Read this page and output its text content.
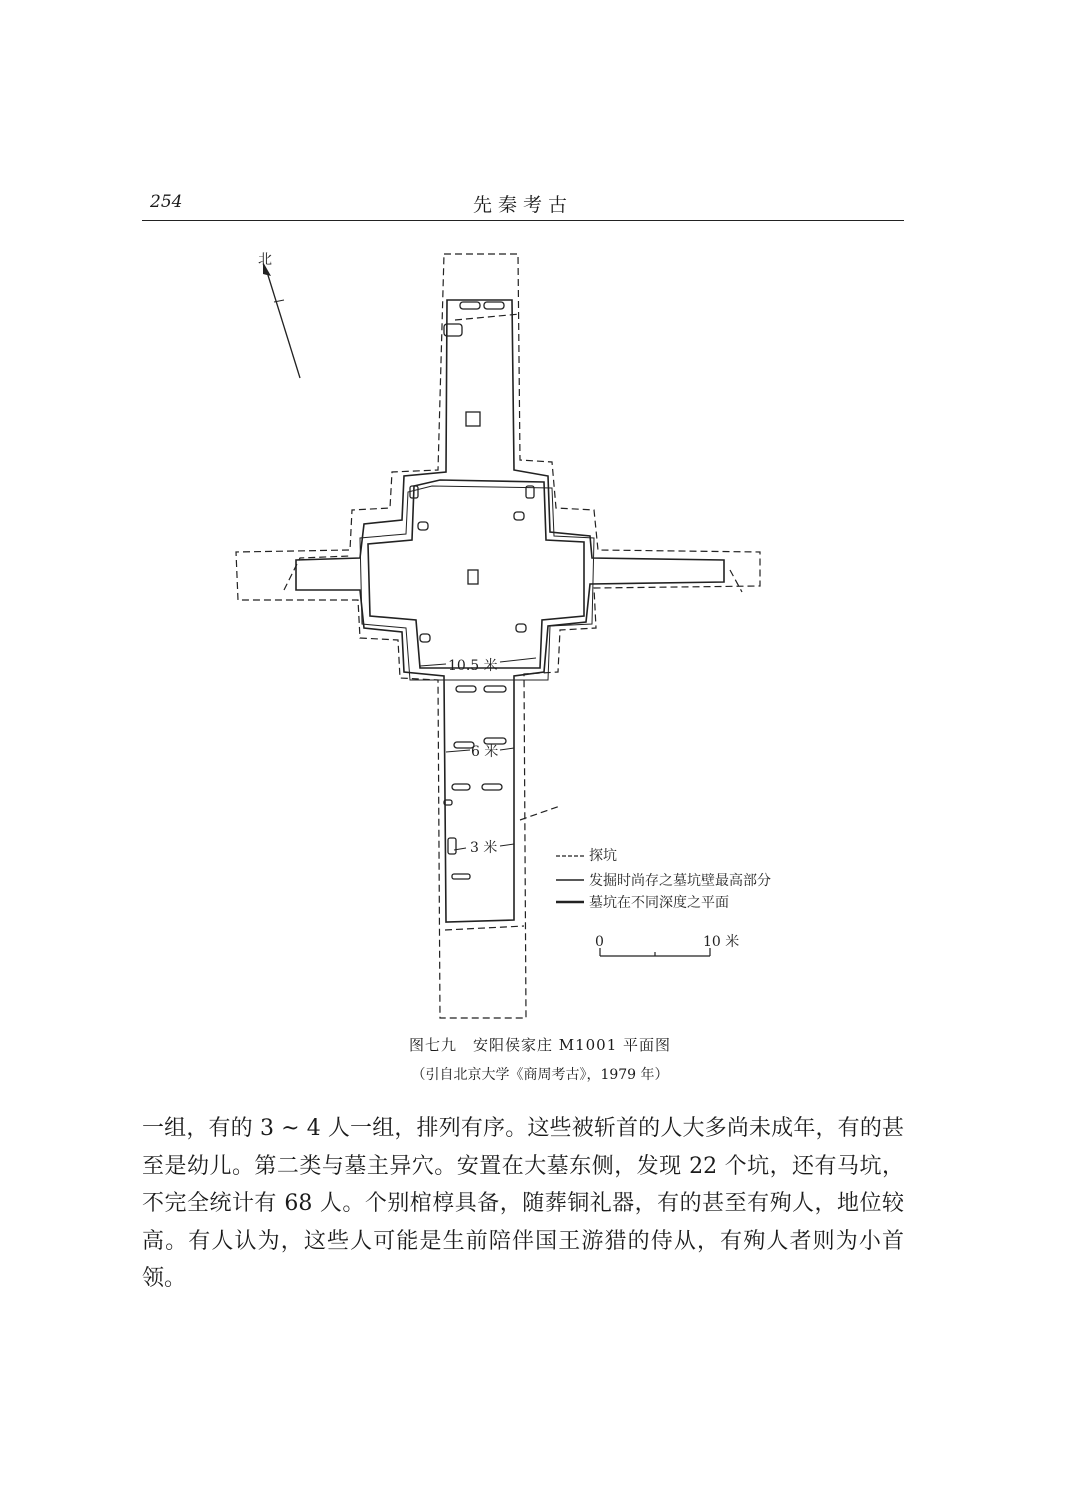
254	先秦考古
北
10.5 米
6 米
3 米	探坑
发掘时尚存之墓坑壁最高部分
墓坑在不同深度之平面
0	10 米
图七九　安阳侯家庄 M1001 平面图
（引自北京大学《商周考古》，1979 年）

一组，有的 3 ~ 4 人一组，排列有序。这些被斩首的人大多尚未成年，有的甚至是幼儿。第二类与墓主异穴。安置在大墓东侧，发现 22 个坑，还有马坑，不完全统计有 68 人。个别棺椁具备，随葬铜礼器，有的甚至有殉人，地位较高。有人认为，这些人可能是生前陪伴国王游猎的侍从，有殉人者则为小首领。
